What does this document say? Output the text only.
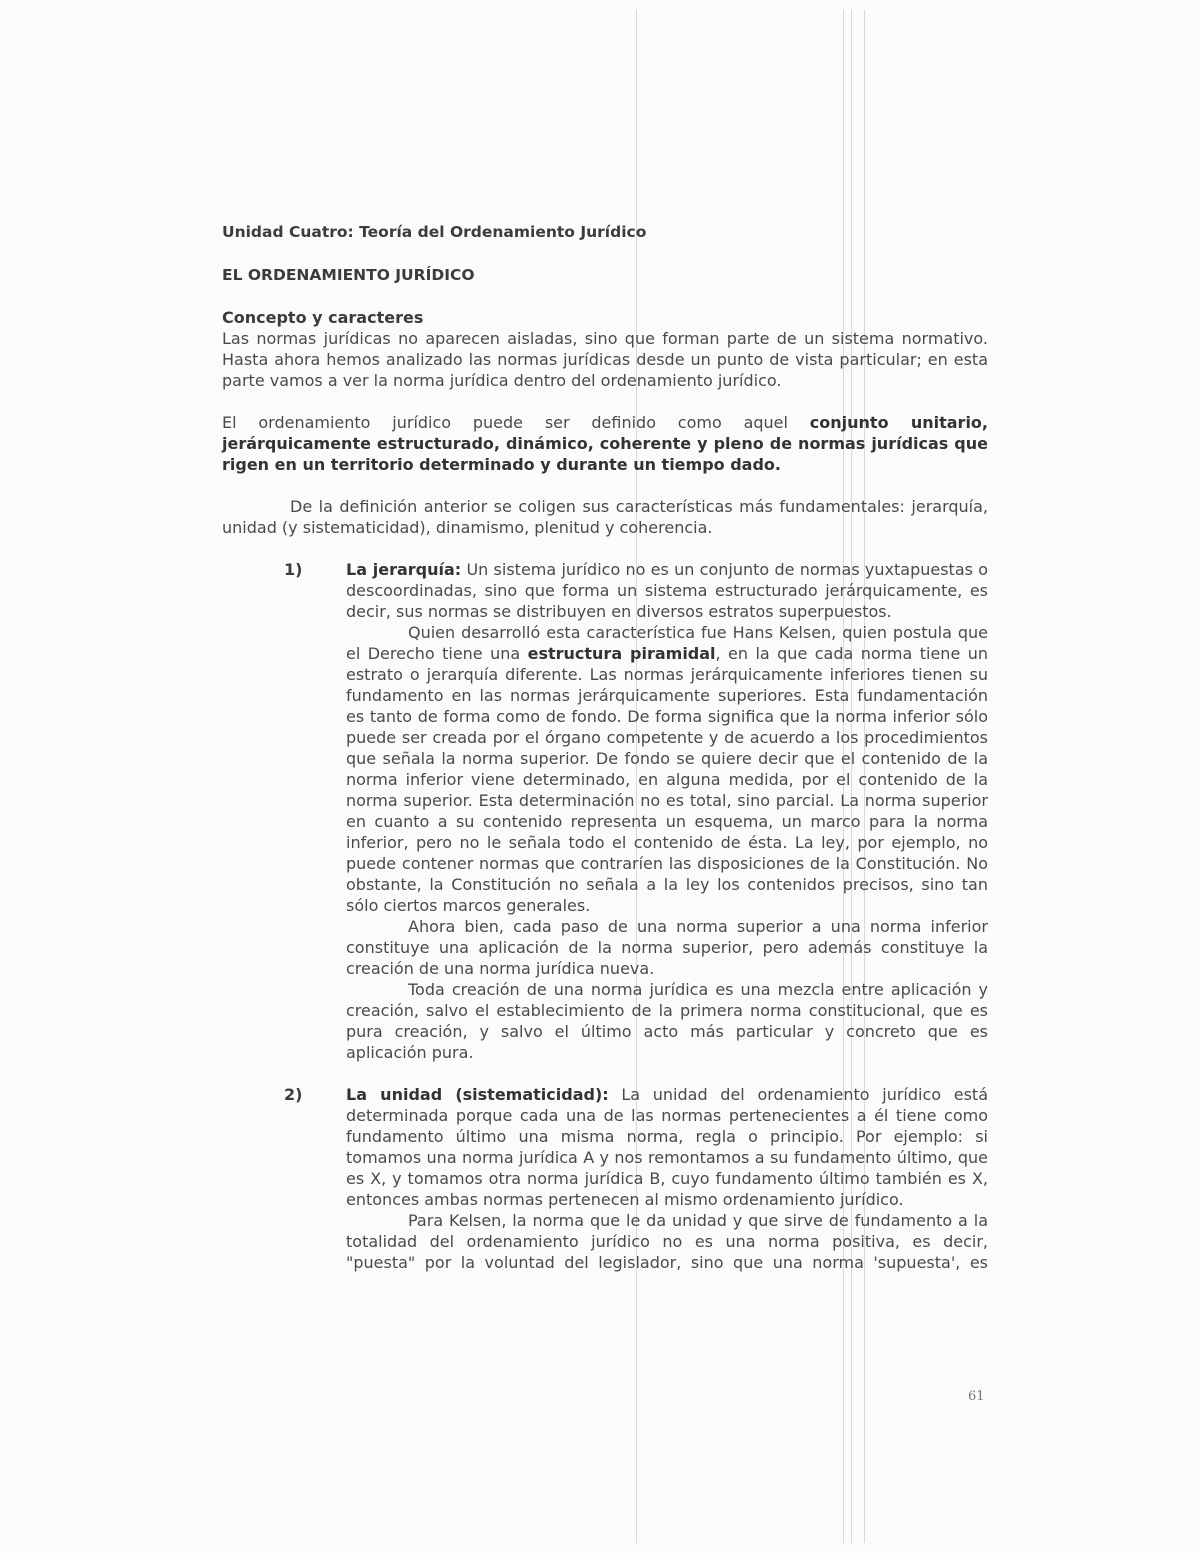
Unidad Cuatro: Teoría del Ordenamiento Jurídico
EL ORDENAMIENTO JURÍDICO
Concepto y caracteres

Las normas jurídicas no aparecen aisladas, sino que forman parte de un sistema normativo. Hasta ahora hemos analizado las normas jurídicas desde un punto de vista particular; en esta parte vamos a ver la norma jurídica dentro del ordenamiento jurídico.

El ordenamiento jurídico puede ser definido como aquel conjunto unitario, jerárquicamente estructurado, dinámico, coherente y pleno de normas jurídicas que rigen en un territorio determinado y durante un tiempo dado.

De la definición anterior se coligen sus características más fundamentales: jerarquía, unidad (y sistematicidad), dinamismo, plenitud y coherencia.

1)	La jerarquía: Un sistema jurídico no es un conjunto de normas yuxtapuestas o descoordinadas, sino que forma un sistema estructurado jerárquicamente, es decir, sus normas se distribuyen en diversos estratos superpuestos.

Quien desarrolló esta característica fue Hans Kelsen, quien postula que el Derecho tiene una estructura piramidal, en la que cada norma tiene un estrato o jerarquía diferente. Las normas jerárquicamente inferiores tienen su fundamento en las normas jerárquicamente superiores. Esta fundamentación es tanto de forma como de fondo. De forma significa que la norma inferior sólo puede ser creada por el órgano competente y de acuerdo a los procedimientos que señala la norma superior. De fondo se quiere decir que el contenido de la norma inferior viene determinado, en alguna medida, por el contenido de la norma superior. Esta determinación no es total, sino parcial. La norma superior en cuanto a su contenido representa un esquema, un marco para la norma inferior, pero no le señala todo el contenido de ésta. La ley, por ejemplo, no puede contener normas que contraríen las disposiciones de la Constitución. No obstante, la Constitución no señala a la ley los contenidos precisos, sino tan sólo ciertos marcos generales.

Ahora bien, cada paso de una norma superior a una norma inferior constituye una aplicación de la norma superior, pero además constituye la creación de una norma jurídica nueva.

Toda creación de una norma jurídica es una mezcla entre aplicación y creación, salvo el establecimiento de la primera norma constitucional, que es pura creación, y salvo el último acto más particular y concreto que es aplicación pura.

2)	La unidad (sistematicidad): La unidad del ordenamiento jurídico está determinada porque cada una de las normas pertenecientes a él tiene como fundamento último una misma norma, regla o principio. Por ejemplo: si tomamos una norma jurídica A y nos remontamos a su fundamento último, que es X, y tomamos otra norma jurídica B, cuyo fundamento último también es X, entonces ambas normas pertenecen al mismo ordenamiento jurídico.

Para Kelsen, la norma que le da unidad y que sirve de fundamento a la totalidad del ordenamiento jurídico no es una norma positiva, es decir, "puesta" por la voluntad del legislador, sino que una norma 'supuesta', es

61
